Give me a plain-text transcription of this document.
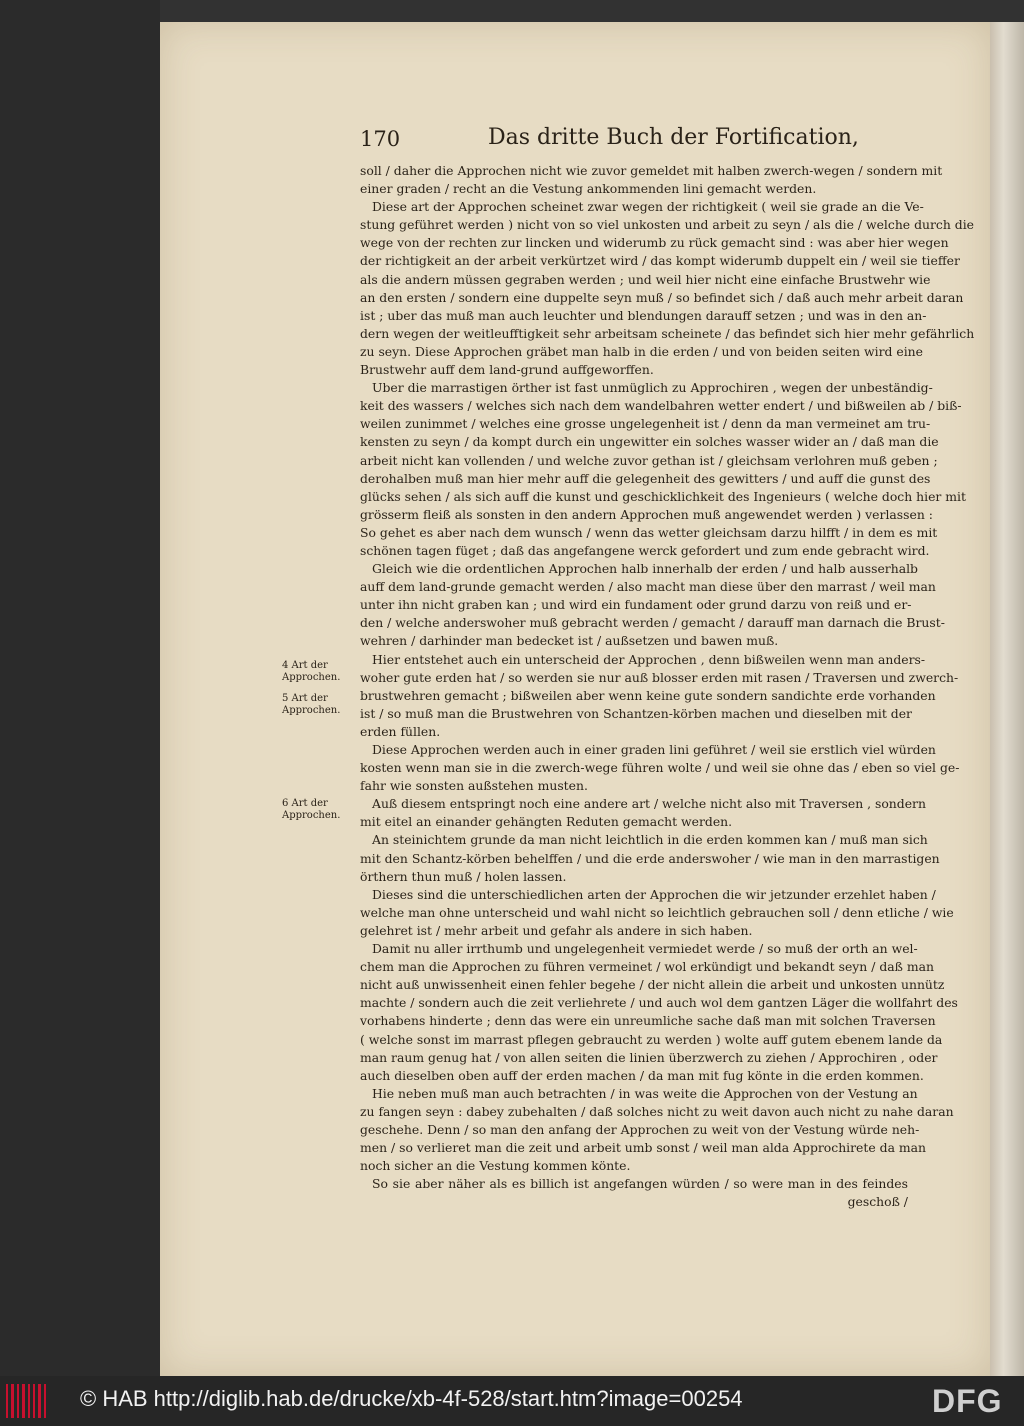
170	Das dritte Buch der Fortification,
soll / daher die Approchen nicht wie zuvor gemeldet mit halben zwerch-wegen / sondern mit
einer graden / recht an die Vestung ankommenden lini gemacht werden.
Diese art der Approchen scheinet zwar wegen der richtigkeit ( weil sie grade an die Ve-
stung geführet werden ) nicht von so viel unkosten und arbeit zu seyn / als die / welche durch die
wege von der rechten zur lincken und widerumb zu rück gemacht sind : was aber hier wegen
der richtigkeit an der arbeit verkürtzet wird / das kompt widerumb duppelt ein / weil sie tieffer
als die andern müssen gegraben werden ; und weil hier nicht eine einfache Brustwehr wie
an den ersten / sondern eine duppelte seyn muß / so befindet sich / daß auch mehr arbeit daran
ist ; uber das muß man auch leuchter und blendungen darauff setzen ; und was in den an-
dern wegen der weitleufftigkeit sehr arbeitsam scheinete / das befindet sich hier mehr gefährlich
zu seyn. Diese Approchen gräbet man halb in die erden / und von beiden seiten wird eine
Brustwehr auff dem land-grund auffgeworffen.
Uber die marrastigen örther ist fast unmüglich zu Approchiren , wegen der unbeständig-
keit des wassers / welches sich nach dem wandelbahren wetter endert / und bißweilen ab / biß-
weilen zunimmet / welches eine grosse ungelegenheit ist / denn da man vermeinet am tru-
kensten zu seyn / da kompt durch ein ungewitter ein solches wasser wider an / daß man die
arbeit nicht kan vollenden / und welche zuvor gethan ist / gleichsam verlohren muß geben ;
derohalben muß man hier mehr auff die gelegenheit des gewitters / und auff die gunst des
glücks sehen / als sich auff die kunst und geschicklichkeit des Ingenieurs ( welche doch hier mit
grösserm fleiß als sonsten in den andern Approchen muß angewendet werden ) verlassen :
So gehet es aber nach dem wunsch / wenn das wetter gleichsam darzu hilfft / in dem es mit
schönen tagen füget ; daß das angefangene werck gefordert und zum ende gebracht wird.
Gleich wie die ordentlichen Approchen halb innerhalb der erden / und halb ausserhalb
auff dem land-grunde gemacht werden / also macht man diese über den marrast / weil man
unter ihn nicht graben kan ; und wird ein fundament oder grund darzu von reiß und er-
den / welche anderswoher muß gebracht werden / gemacht / darauff man darnach die Brust-
wehren / darhinder man bedecket ist / außsetzen und bawen muß.
Hier entstehet auch ein unterscheid der Approchen , denn bißweilen wenn man anders-
woher gute erden hat / so werden sie nur auß blosser erden mit rasen / Traversen und zwerch-
brustwehren gemacht ; bißweilen aber wenn keine gute sondern sandichte erde vorhanden
ist / so muß man die Brustwehren von Schantzen-körben machen und dieselben mit der
erden füllen.
Diese Approchen werden auch in einer graden lini geführet / weil sie erstlich viel würden
kosten wenn man sie in die zwerch-wege führen wolte / und weil sie ohne das / eben so viel ge-
fahr wie sonsten außstehen musten.
Auß diesem entspringt noch eine andere art / welche nicht also mit Traversen , sondern
mit eitel an einander gehängten Reduten gemacht werden.
An steinichtem grunde da man nicht leichtlich in die erden kommen kan / muß man sich
mit den Schantz-körben behelffen / und die erde anderswoher / wie man in den marrastigen
örthern thun muß / holen lassen.
Dieses sind die unterschiedlichen arten der Approchen die wir jetzunder erzehlet haben /
welche man ohne unterscheid und wahl nicht so leichtlich gebrauchen soll / denn etliche / wie
gelehret ist / mehr arbeit und gefahr als andere in sich haben.
Damit nu aller irrthumb und ungelegenheit vermiedet werde / so muß der orth an wel-
chem man die Approchen zu führen vermeinet / wol erkündigt und bekandt seyn / daß man
nicht auß unwissenheit einen fehler begehe / der nicht allein die arbeit und unkosten unnütz
machte / sondern auch die zeit verliehrete / und auch wol dem gantzen Läger die wollfahrt des
vorhabens hinderte ; denn das were ein unreumliche sache daß man mit solchen Traversen
( welche sonst im marrast pflegen gebraucht zu werden ) wolte auff gutem ebenem lande da
man raum genug hat / von allen seiten die linien überzwerch zu ziehen / Approchiren , oder
auch dieselben oben auff der erden machen / da man mit fug könte in die erden kommen.
Hie neben muß man auch betrachten / in was weite die Approchen von der Vestung an
zu fangen seyn : dabey zubehalten / daß solches nicht zu weit davon auch nicht zu nahe daran
geschehe. Denn / so man den anfang der Approchen zu weit von der Vestung würde neh-
men / so verlieret man die zeit und arbeit umb sonst / weil man alda Approchirete da man
noch sicher an die Vestung kommen könte.
So sie aber näher als es billich ist angefangen würden / so were man in des feindes
geschoß /
4 Art der Approchen.
5 Art der Approchen.
6 Art der Approchen.
© HAB http://diglib.hab.de/drucke/xb-4f-528/start.htm?image=00254	DFG
